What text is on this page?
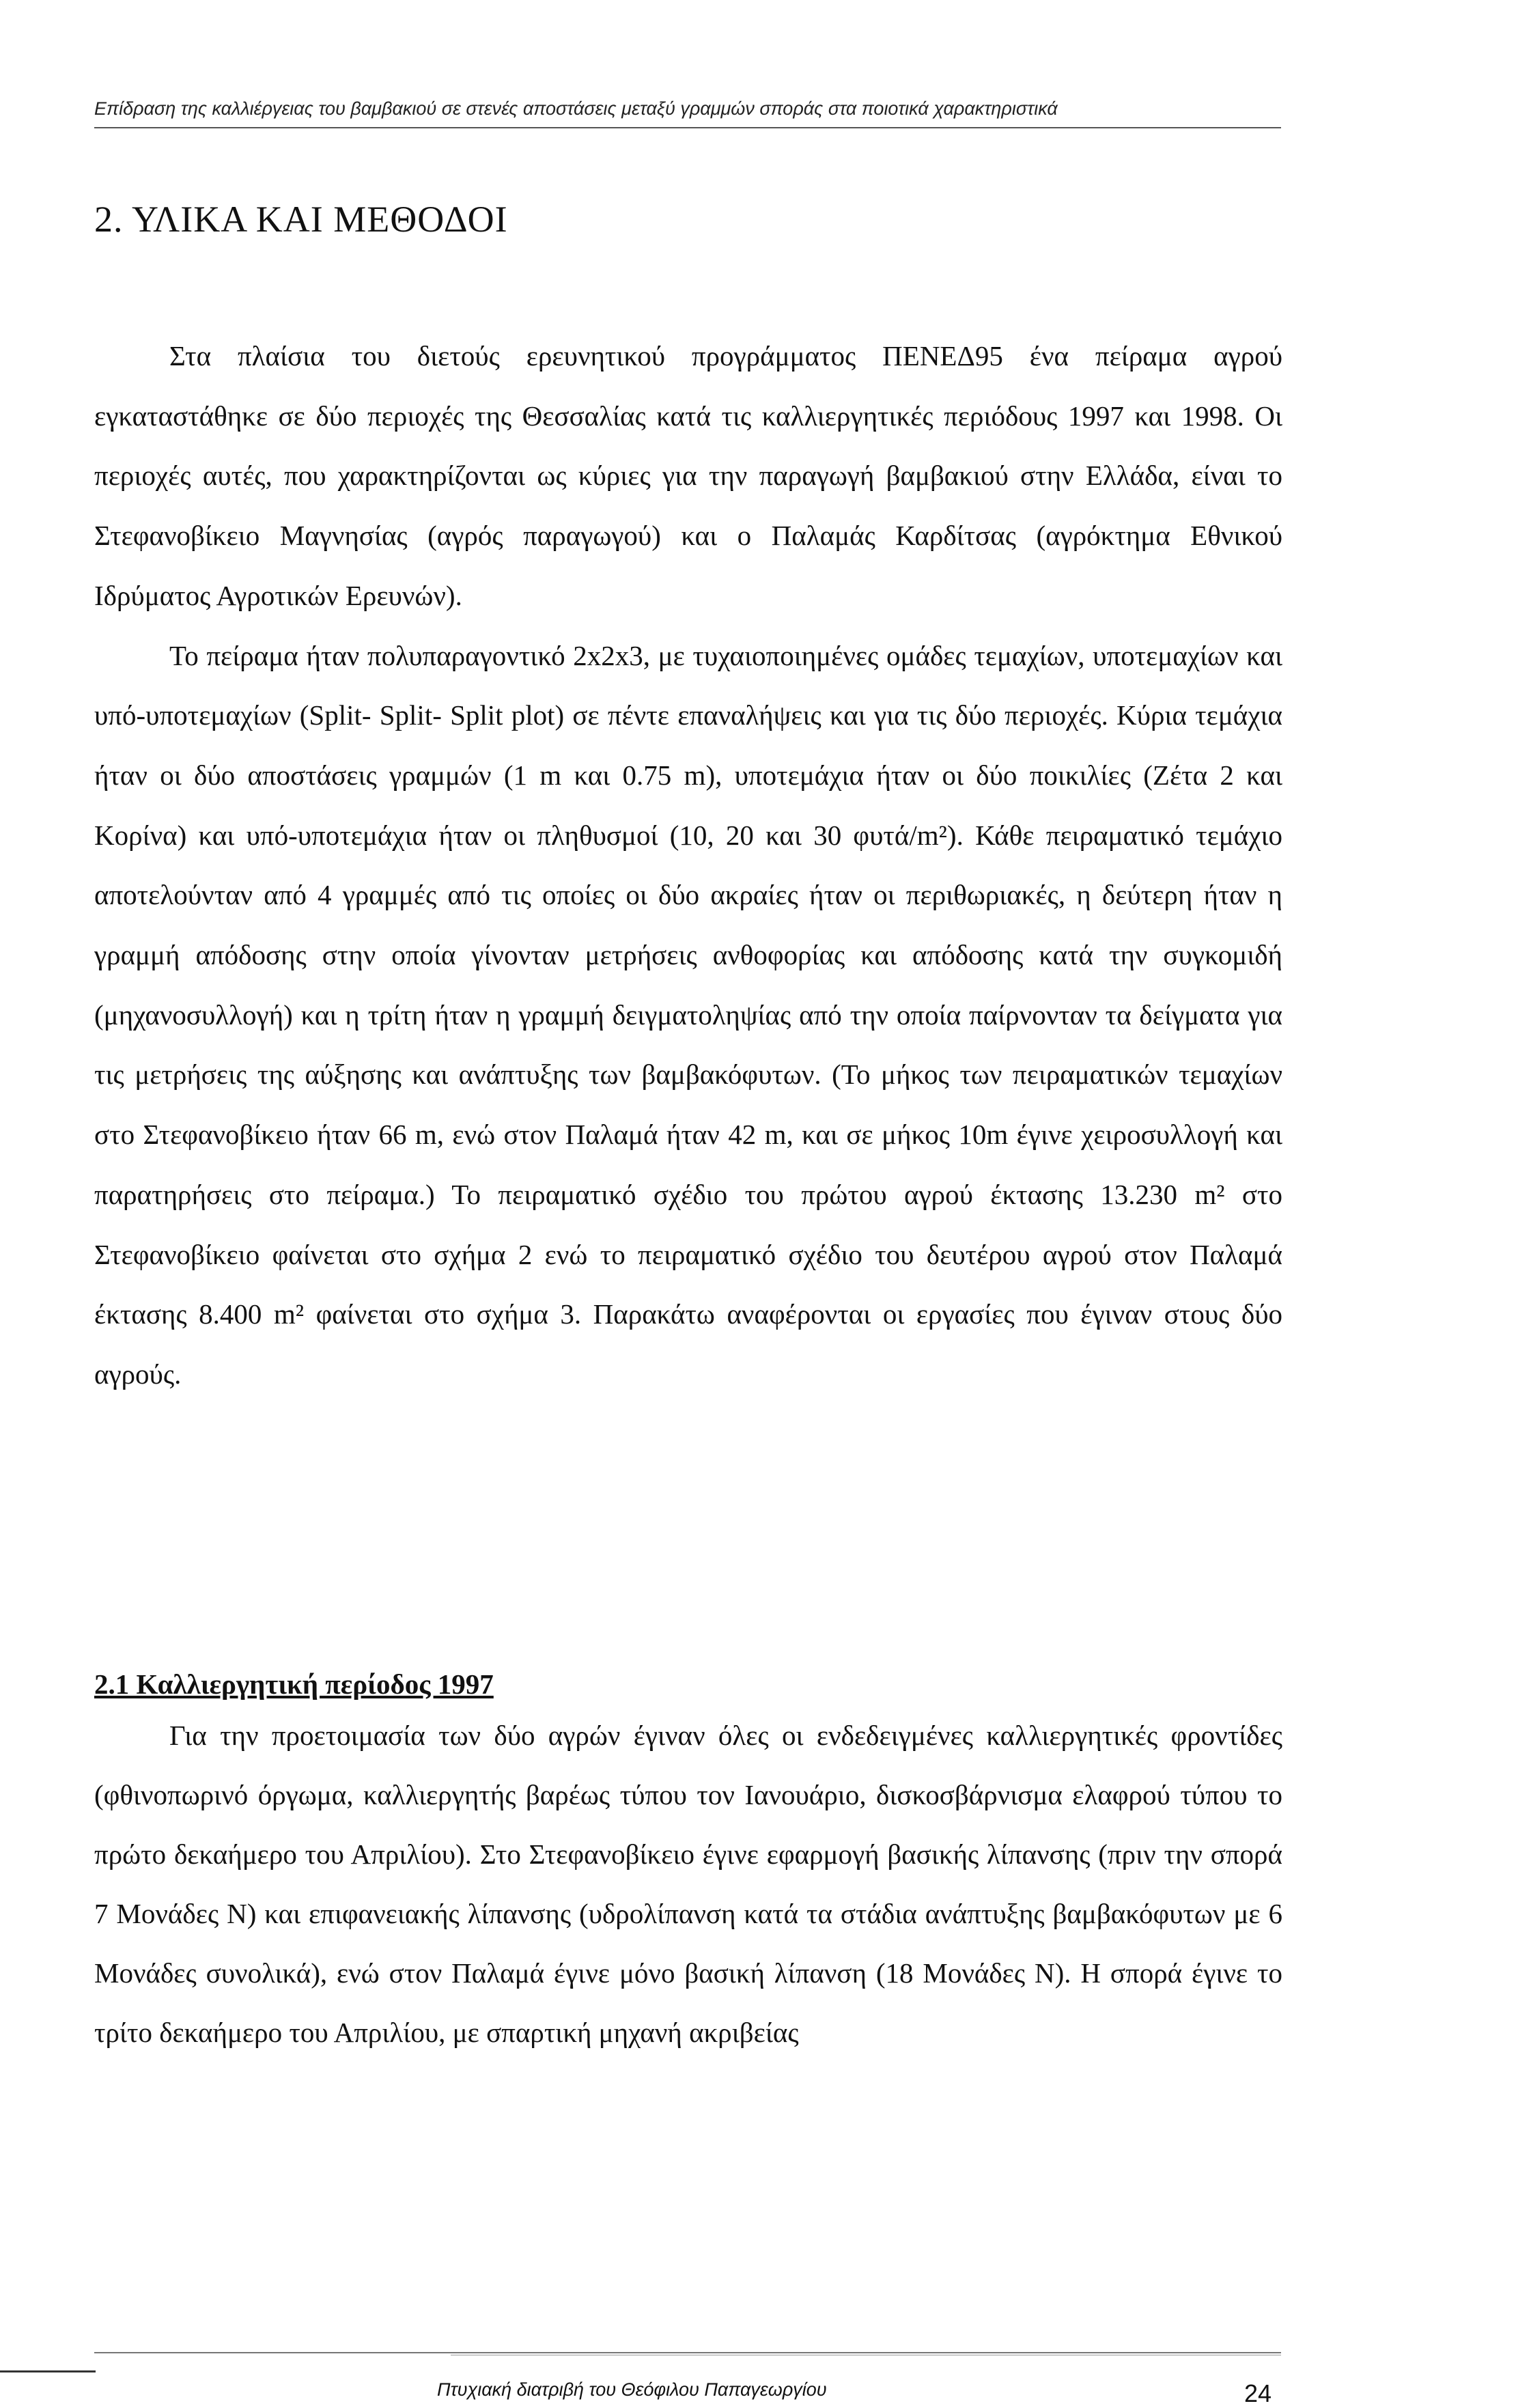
Επίδραση της καλλιέργειας του βαμβακιού σε στενές αποστάσεις μεταξύ γραμμών σποράς στα ποιοτικά χαρακτηριστικά
2. ΥΛΙΚΑ ΚΑΙ ΜΕΘΟΔΟΙ

Στα πλαίσια του διετούς ερευνητικού προγράμματος ΠΕΝΕΔ95 ένα πείραμα αγρού εγκαταστάθηκε σε δύο περιοχές της Θεσσαλίας κατά τις καλλιεργητικές περιόδους 1997 και 1998. Οι περιοχές αυτές, που χαρακτηρίζονται ως κύριες για την παραγωγή βαμβακιού στην Ελλάδα, είναι το Στεφανοβίκειο Μαγνησίας (αγρός παραγωγού) και ο Παλαμάς Καρδίτσας (αγρόκτημα Εθνικού Ιδρύματος Αγροτικών Ερευνών).

Το πείραμα ήταν πολυπαραγοντικό 2x2x3, με τυχαιοποιημένες ομάδες τεμαχίων, υποτεμαχίων και υπό-υποτεμαχίων (Split- Split- Split plot) σε πέντε επαναλήψεις και για τις δύο περιοχές. Κύρια τεμάχια ήταν οι δύο αποστάσεις γραμμών (1 m και 0.75 m), υποτεμάχια ήταν οι δύο ποικιλίες (Ζέτα 2 και Κορίνα) και υπό-υποτεμάχια ήταν οι πληθυσμοί (10, 20 και 30 φυτά/m²). Κάθε πειραματικό τεμάχιο αποτελούνταν από 4 γραμμές από τις οποίες οι δύο ακραίες ήταν οι περιθωριακές, η δεύτερη ήταν η γραμμή απόδοσης στην οποία γίνονταν μετρήσεις ανθοφορίας και απόδοσης κατά την συγκομιδή (μηχανοσυλλογή) και η τρίτη ήταν η γραμμή δειγματοληψίας από την οποία παίρνονταν τα δείγματα για τις μετρήσεις της αύξησης και ανάπτυξης των βαμβακόφυτων. (Το μήκος των πειραματικών τεμαχίων στο Στεφανοβίκειο ήταν 66 m, ενώ στον Παλαμά ήταν 42 m, και σε μήκος 10m έγινε χειροσυλλογή και παρατηρήσεις στο πείραμα.) Το πειραματικό σχέδιο του πρώτου αγρού έκτασης 13.230 m² στο Στεφανοβίκειο φαίνεται στο σχήμα 2 ενώ το πειραματικό σχέδιο του δευτέρου αγρού στον Παλαμά έκτασης 8.400 m² φαίνεται στο σχήμα 3. Παρακάτω αναφέρονται οι εργασίες που έγιναν στους δύο αγρούς.

2.1 Καλλιεργητική περίοδος 1997

Για την προετοιμασία των δύο αγρών έγιναν όλες οι ενδεδειγμένες καλλιεργητικές φροντίδες (φθινοπωρινό όργωμα, καλλιεργητής βαρέως τύπου τον Ιανουάριο, δισκοσβάρνισμα ελαφρού τύπου το πρώτο δεκαήμερο του Απριλίου). Στο Στεφανοβίκειο έγινε εφαρμογή βασικής λίπανσης (πριν την σπορά 7 Μονάδες Ν) και επιφανειακής λίπανσης (υδρολίπανση κατά τα στάδια ανάπτυξης βαμβακόφυτων με 6 Μονάδες συνολικά), ενώ στον Παλαμά έγινε μόνο βασική λίπανση (18 Μονάδες Ν). Η σπορά έγινε το τρίτο δεκαήμερο του Απριλίου, με σπαρτική μηχανή ακριβείας

Πτυχιακή διατριβή του Θεόφιλου Παπαγεωργίου	24
